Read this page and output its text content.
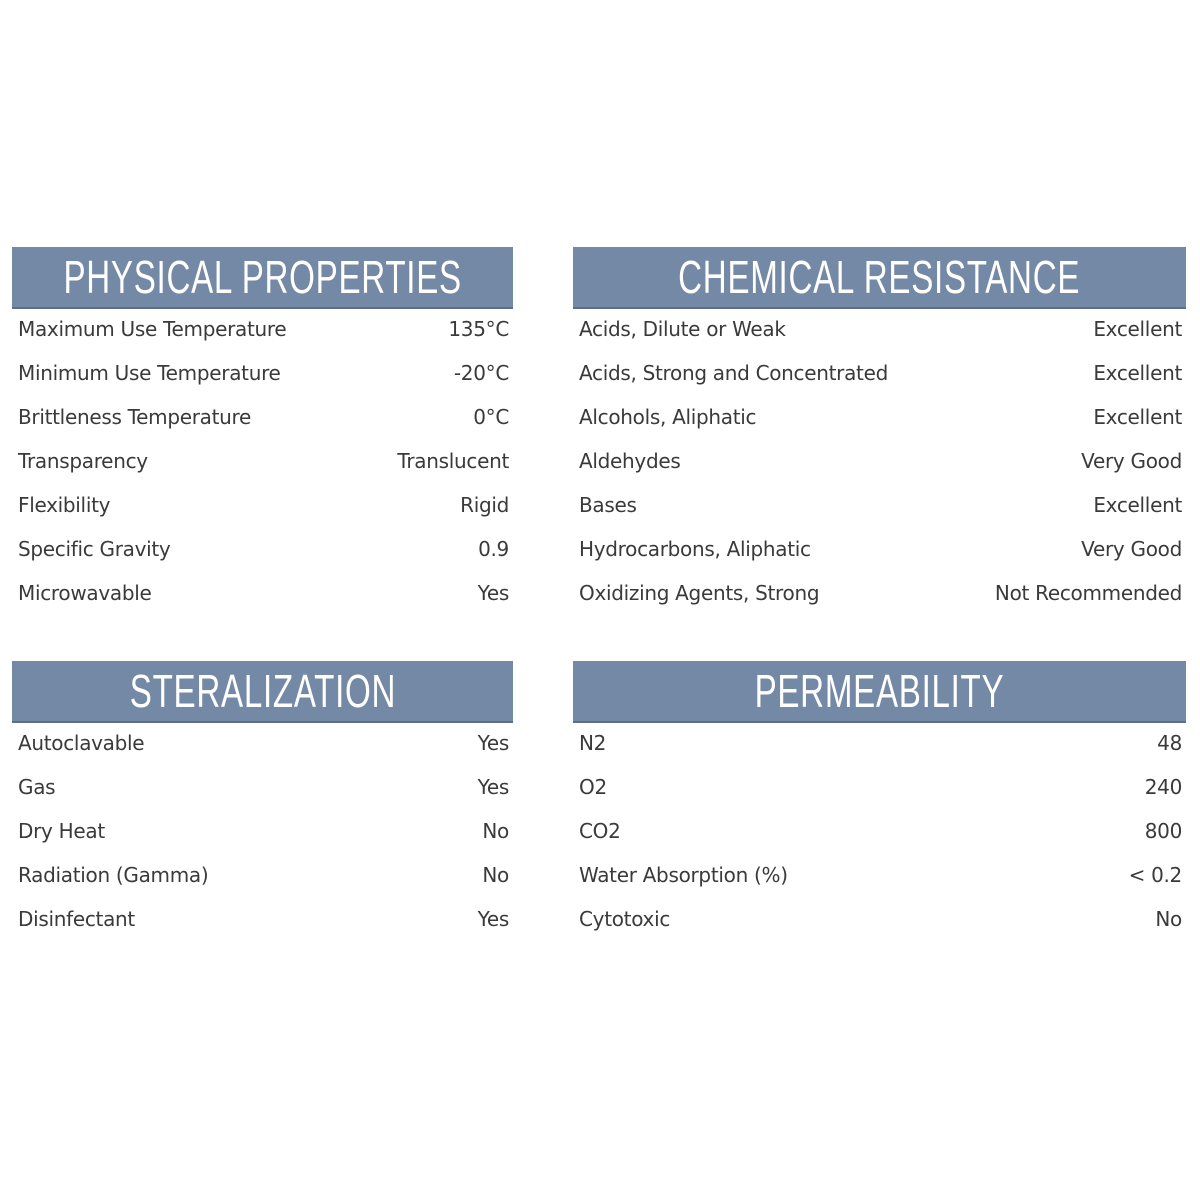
PHYSICAL PROPERTIES
Maximum Use Temperature	135°C
Minimum Use Temperature	-20°C
Brittleness Temperature	0°C
Transparency	Translucent
Flexibility	Rigid
Specific Gravity	0.9
Microwavable	Yes
CHEMICAL RESISTANCE
Acids, Dilute or Weak	Excellent
Acids, Strong and Concentrated	Excellent
Alcohols, Aliphatic	Excellent
Aldehydes	Very Good
Bases	Excellent
Hydrocarbons, Aliphatic	Very Good
Oxidizing Agents, Strong	Not Recommended
STERALIZATION
Autoclavable	Yes
Gas	Yes
Dry Heat	No
Radiation (Gamma)	No
Disinfectant	Yes
PERMEABILITY
N2	48
O2	240
CO2	800
Water Absorption (%)	< 0.2
Cytotoxic	No
